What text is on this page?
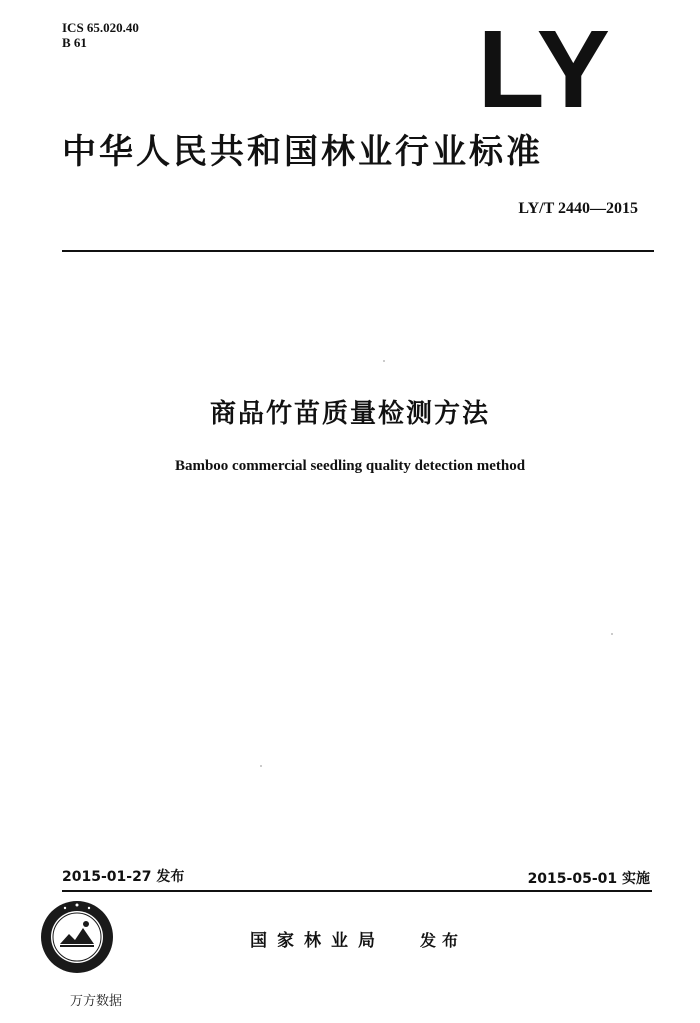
ICS 65.020.40
B 61	LY
中华人民共和国林业行业标准
LY/T 2440—2015
商品竹苗质量检测方法
Bamboo commercial seedling quality detection method
2015-01-27 发布	2015-05-01 实施
国家林业局 发布
万方数据
